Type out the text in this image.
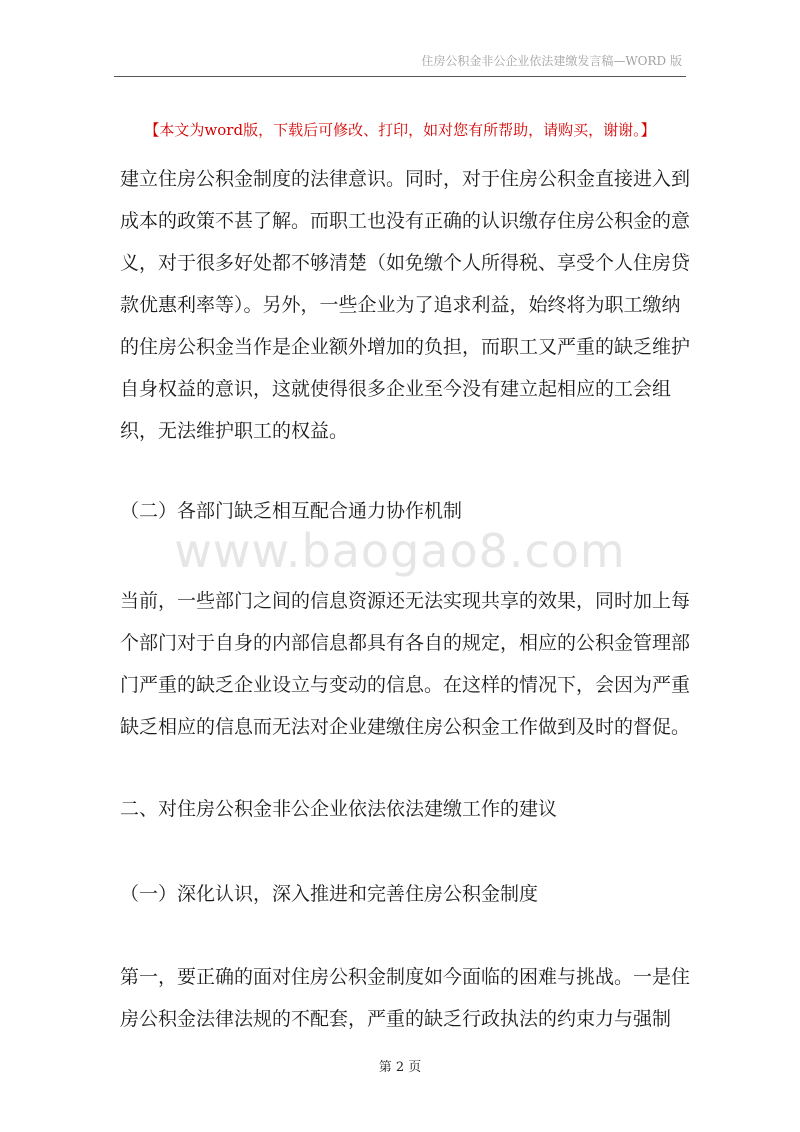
住房公积金非公企业依法建缴发言稿—WORD 版
【本文为word版，下载后可修改、打印，如对您有所帮助，请购买，谢谢。】
建立住房公积金制度的法律意识。同时，对于住房公积金直接进入到
成本的政策不甚了解。而职工也没有正确的认识缴存住房公积金的意
义，对于很多好处都不够清楚（如免缴个人所得税、享受个人住房贷
款优惠利率等）。另外，一些企业为了追求利益，始终将为职工缴纳
的住房公积金当作是企业额外增加的负担，而职工又严重的缺乏维护
自身权益的意识，这就使得很多企业至今没有建立起相应的工会组
织，无法维护职工的权益。
（二）各部门缺乏相互配合通力协作机制
www.baogao8.com
当前，一些部门之间的信息资源还无法实现共享的效果，同时加上每
个部门对于自身的内部信息都具有各自的规定，相应的公积金管理部
门严重的缺乏企业设立与变动的信息。在这样的情况下，会因为严重
缺乏相应的信息而无法对企业建缴住房公积金工作做到及时的督促。
二、对住房公积金非公企业依法依法建缴工作的建议
（一）深化认识，深入推进和完善住房公积金制度
第一，要正确的面对住房公积金制度如今面临的困难与挑战。一是住
房公积金法律法规的不配套，严重的缺乏行政执法的约束力与强制
第 2 页
